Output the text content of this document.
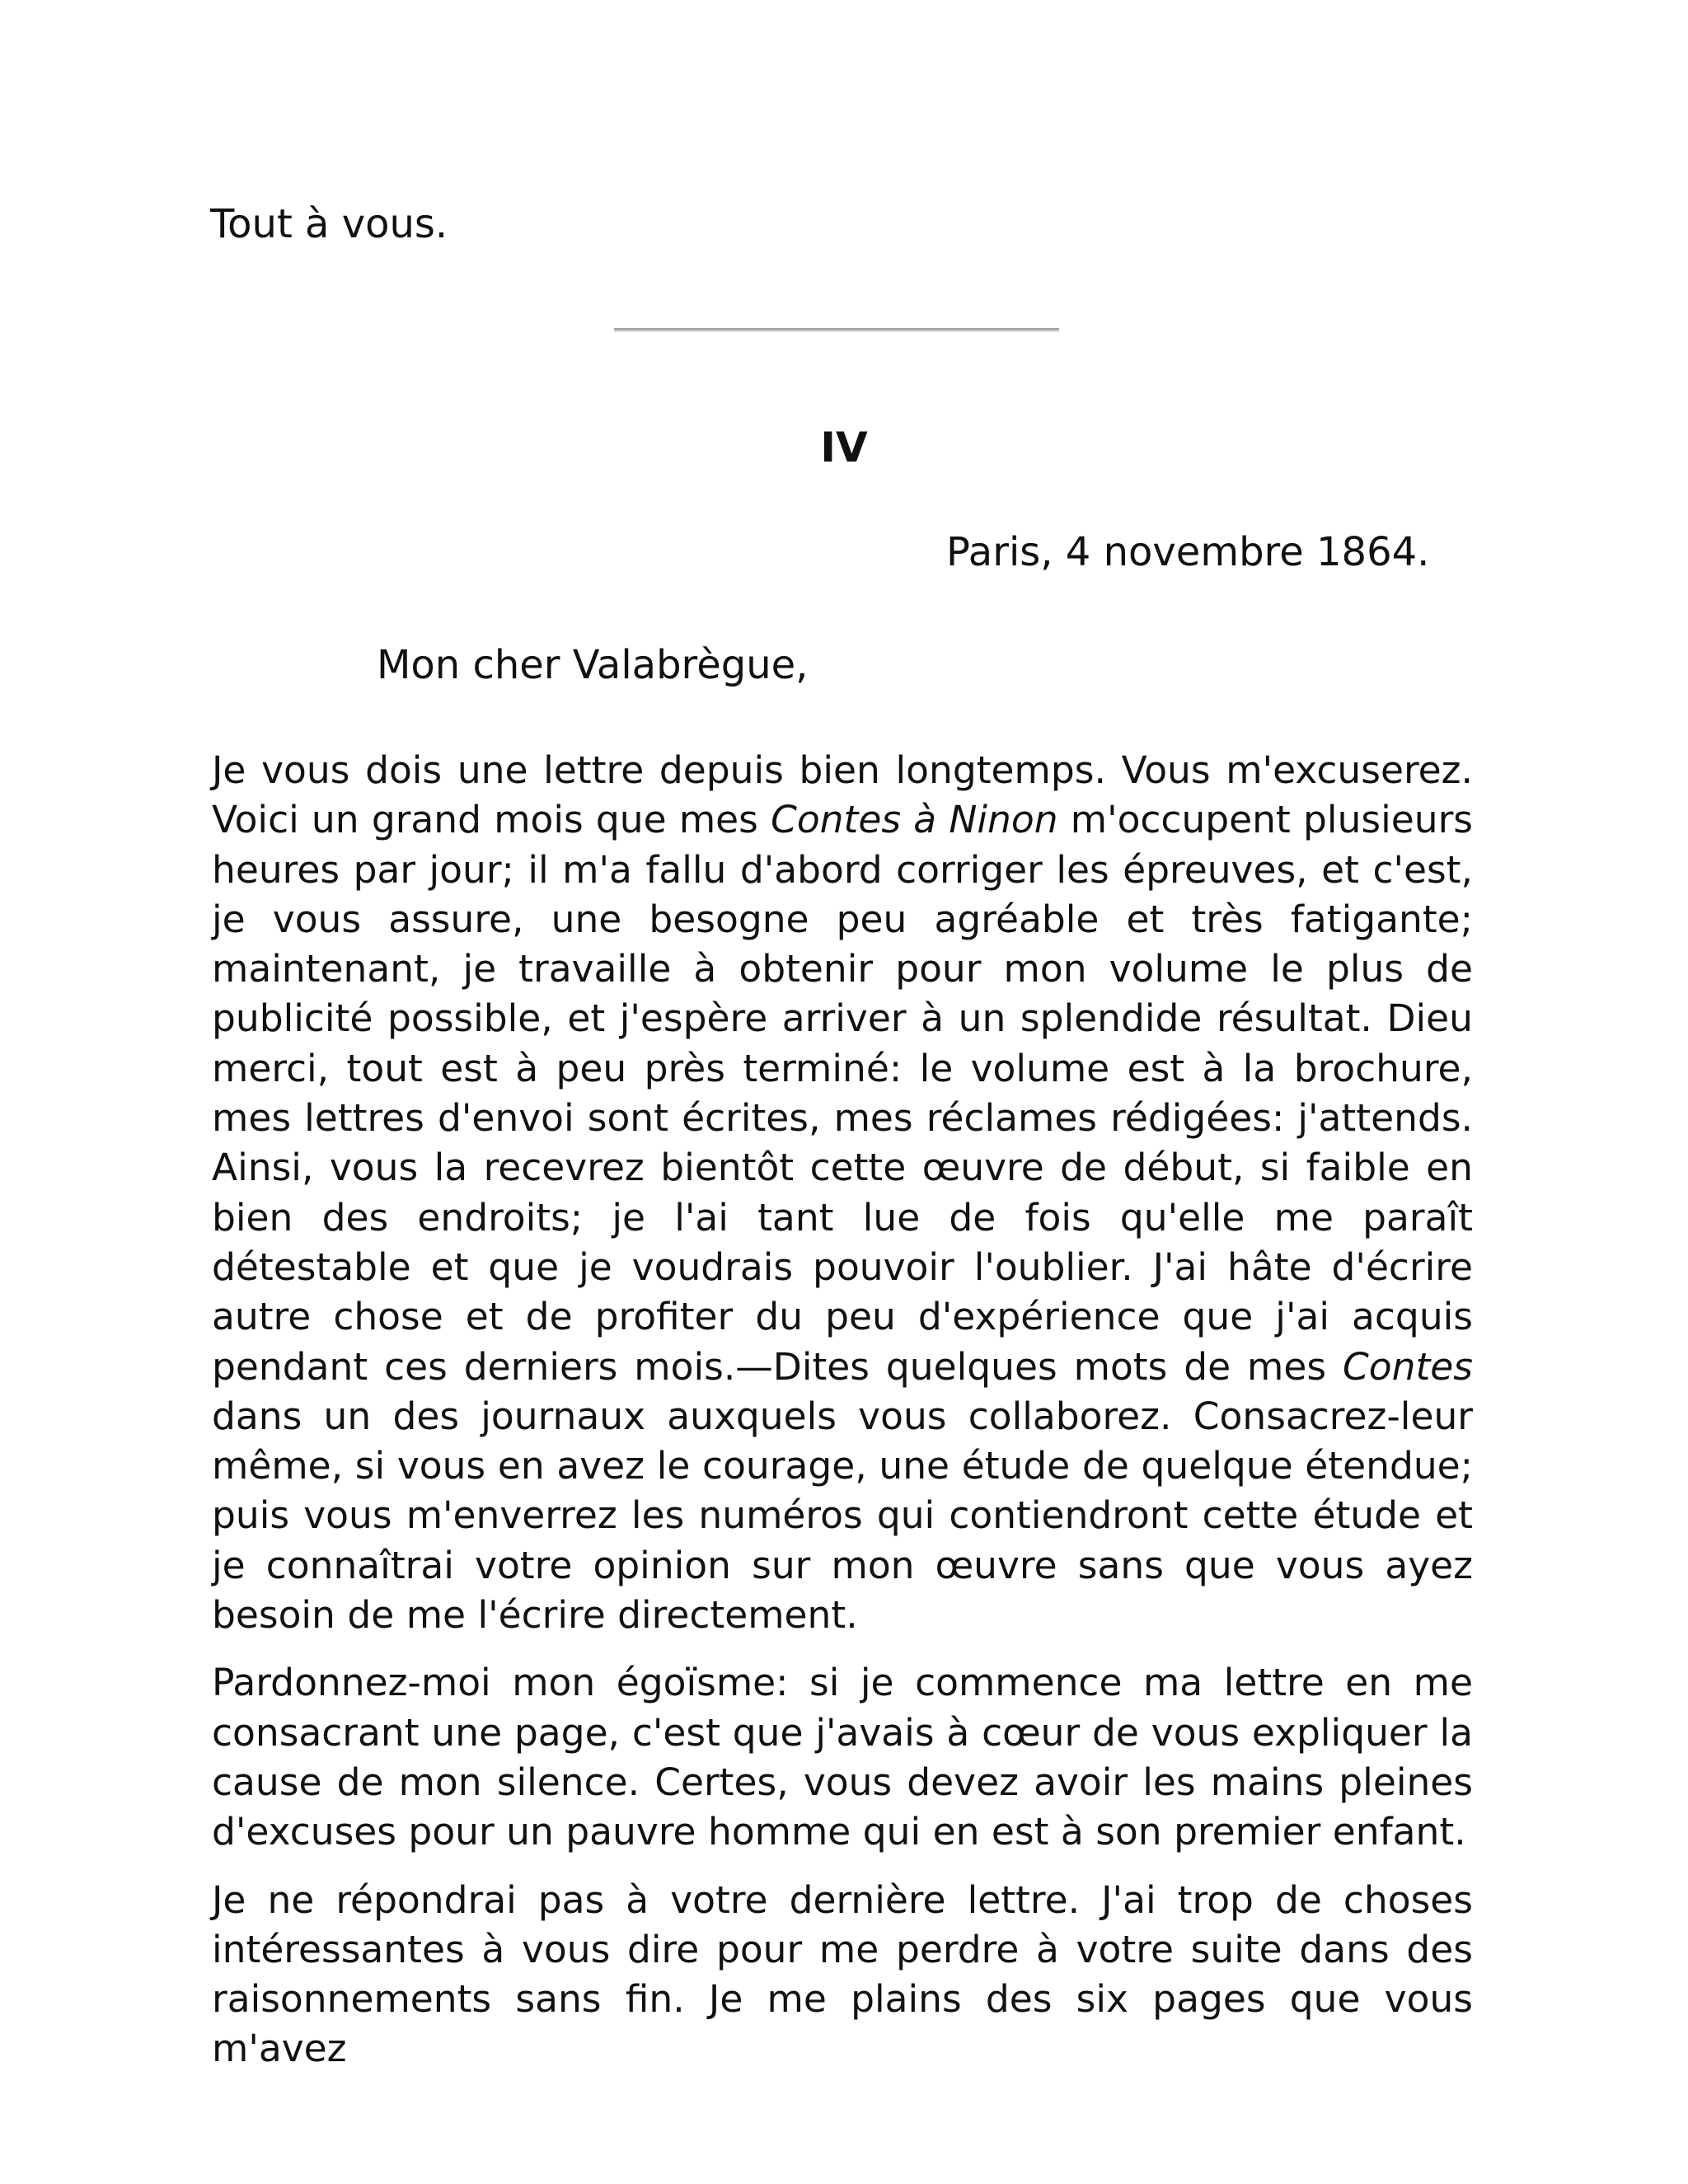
Tout à vous.

IV

Paris, 4 novembre 1864.

Mon cher Valabrègue,

Je vous dois une lettre depuis bien longtemps. Vous m'excuserez. Voici un grand mois que mes Contes à Ninon m'occupent plusieurs heures par jour; il m'a fallu d'abord corriger les épreuves, et c'est, je vous assure, une besogne peu agréable et très fatigante; maintenant, je travaille à obtenir pour mon volume le plus de publicité possible, et j'espère arriver à un splendide résultat. Dieu merci, tout est à peu près terminé: le volume est à la brochure, mes lettres d'envoi sont écrites, mes réclames rédigées: j'attends. Ainsi, vous la recevrez bientôt cette œuvre de début, si faible en bien des endroits; je l'ai tant lue de fois qu'elle me paraît détestable et que je voudrais pouvoir l'oublier. J'ai hâte d'écrire autre chose et de profiter du peu d'expérience que j'ai acquis pendant ces derniers mois.—Dites quelques mots de mes Contes dans un des journaux auxquels vous collaborez. Consacrez-leur même, si vous en avez le courage, une étude de quelque étendue; puis vous m'enverrez les numéros qui contiendront cette étude et je connaîtrai votre opinion sur mon œuvre sans que vous ayez besoin de me l'écrire directement.

Pardonnez-moi mon égoïsme: si je commence ma lettre en me consacrant une page, c'est que j'avais à cœur de vous expliquer la cause de mon silence. Certes, vous devez avoir les mains pleines d'excuses pour un pauvre homme qui en est à son premier enfant.

Je ne répondrai pas à votre dernière lettre. J'ai trop de choses intéressantes à vous dire pour me perdre à votre suite dans des raisonnements sans fin. Je me plains des six pages que vous m'avez
